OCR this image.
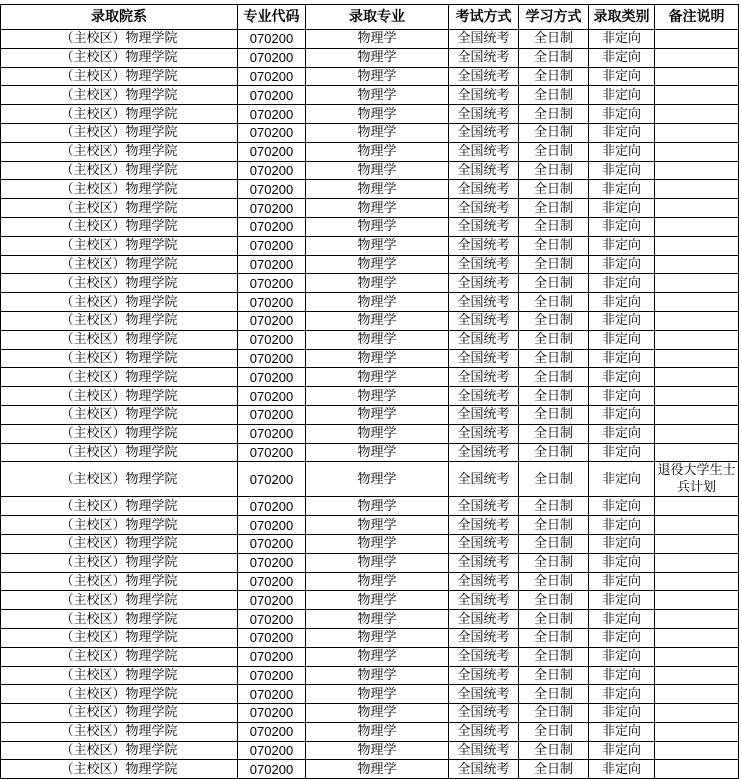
录取院系	专业代码	录取专业	考试方式	学习方式	录取类别	备注说明
（主校区）物理学院	070200	物理学	全国统考	全日制	非定向	
（主校区）物理学院	070200	物理学	全国统考	全日制	非定向	
（主校区）物理学院	070200	物理学	全国统考	全日制	非定向	
（主校区）物理学院	070200	物理学	全国统考	全日制	非定向	
（主校区）物理学院	070200	物理学	全国统考	全日制	非定向	
（主校区）物理学院	070200	物理学	全国统考	全日制	非定向	
（主校区）物理学院	070200	物理学	全国统考	全日制	非定向	
（主校区）物理学院	070200	物理学	全国统考	全日制	非定向	
（主校区）物理学院	070200	物理学	全国统考	全日制	非定向	
（主校区）物理学院	070200	物理学	全国统考	全日制	非定向	
（主校区）物理学院	070200	物理学	全国统考	全日制	非定向	
（主校区）物理学院	070200	物理学	全国统考	全日制	非定向	
（主校区）物理学院	070200	物理学	全国统考	全日制	非定向	
（主校区）物理学院	070200	物理学	全国统考	全日制	非定向	
（主校区）物理学院	070200	物理学	全国统考	全日制	非定向	
（主校区）物理学院	070200	物理学	全国统考	全日制	非定向	
（主校区）物理学院	070200	物理学	全国统考	全日制	非定向	
（主校区）物理学院	070200	物理学	全国统考	全日制	非定向	
（主校区）物理学院	070200	物理学	全国统考	全日制	非定向	
（主校区）物理学院	070200	物理学	全国统考	全日制	非定向	
（主校区）物理学院	070200	物理学	全国统考	全日制	非定向	
（主校区）物理学院	070200	物理学	全国统考	全日制	非定向	
（主校区）物理学院	070200	物理学	全国统考	全日制	非定向	
（主校区）物理学院	070200	物理学	全国统考	全日制	非定向	退役大学生士兵计划
（主校区）物理学院	070200	物理学	全国统考	全日制	非定向	
（主校区）物理学院	070200	物理学	全国统考	全日制	非定向	
（主校区）物理学院	070200	物理学	全国统考	全日制	非定向	
（主校区）物理学院	070200	物理学	全国统考	全日制	非定向	
（主校区）物理学院	070200	物理学	全国统考	全日制	非定向	
（主校区）物理学院	070200	物理学	全国统考	全日制	非定向	
（主校区）物理学院	070200	物理学	全国统考	全日制	非定向	
（主校区）物理学院	070200	物理学	全国统考	全日制	非定向	
（主校区）物理学院	070200	物理学	全国统考	全日制	非定向	
（主校区）物理学院	070200	物理学	全国统考	全日制	非定向	
（主校区）物理学院	070200	物理学	全国统考	全日制	非定向	
（主校区）物理学院	070200	物理学	全国统考	全日制	非定向	
（主校区）物理学院	070200	物理学	全国统考	全日制	非定向	
（主校区）物理学院	070200	物理学	全国统考	全日制	非定向	
（主校区）物理学院	070200	物理学	全国统考	全日制	非定向	
